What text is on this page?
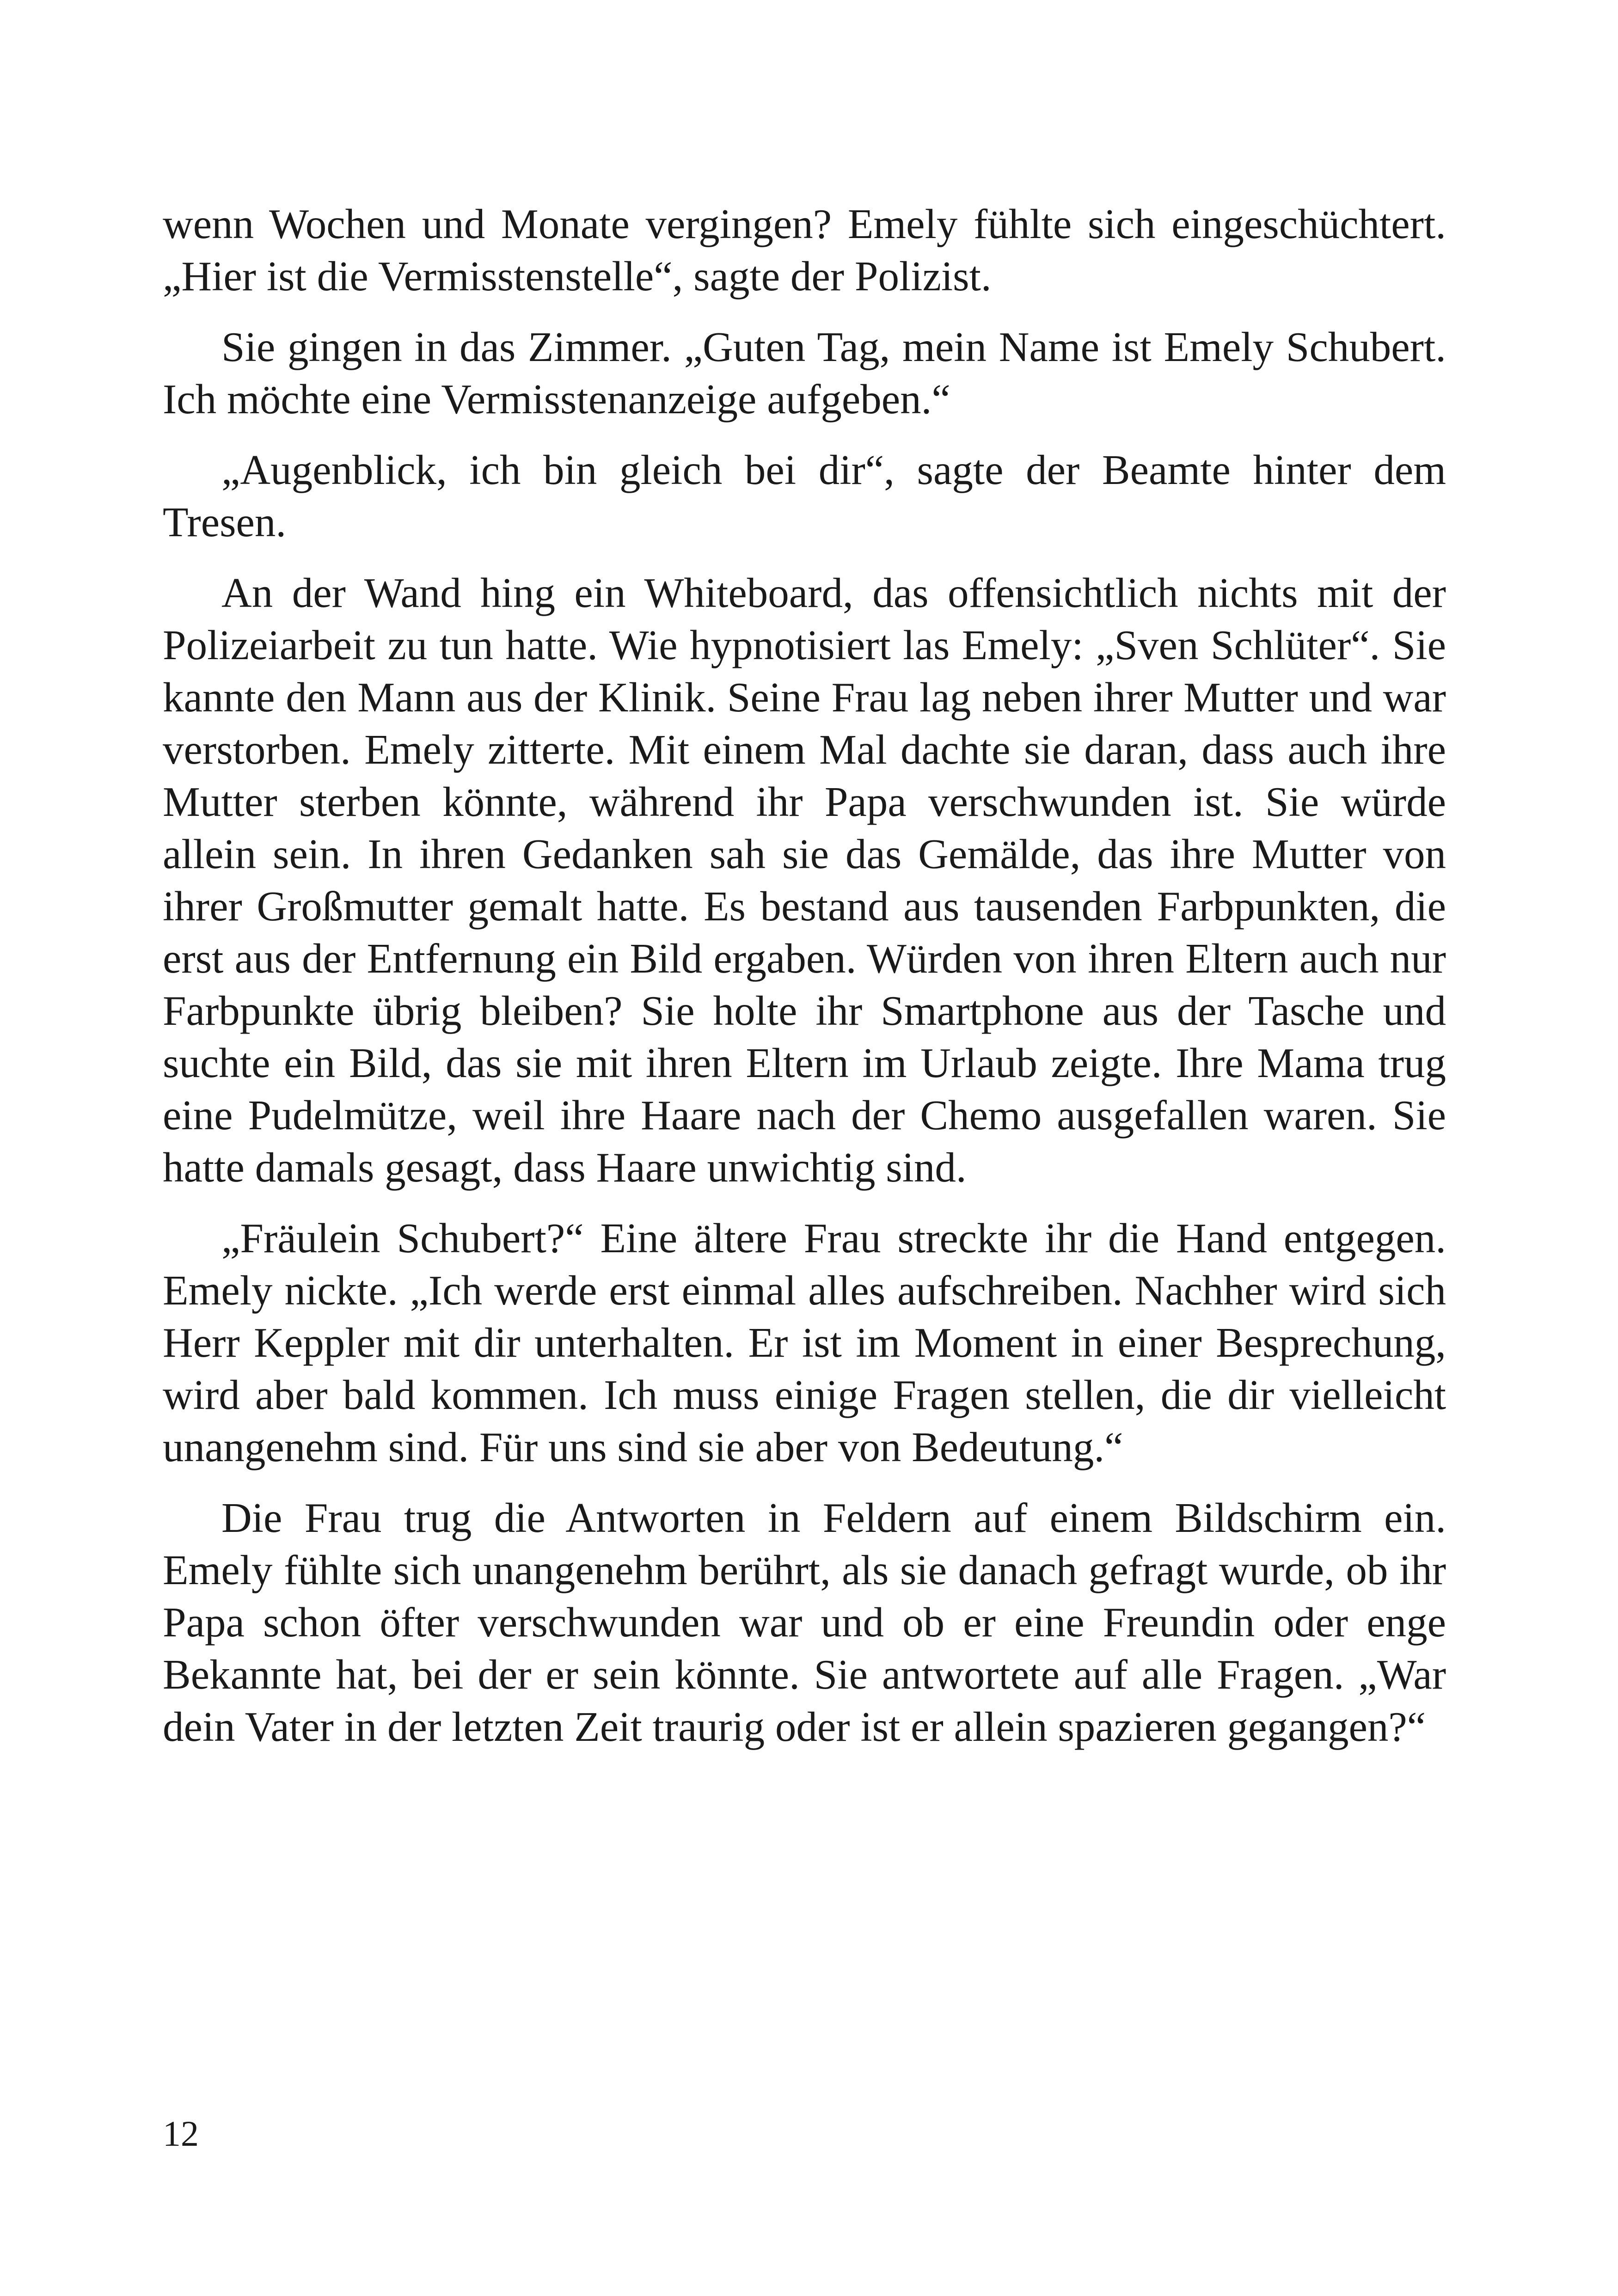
wenn Wochen und Monate vergingen? Emely fühlte sich eingeschüchtert. „Hier ist die Vermisstenstelle“, sagte der Polizist.

Sie gingen in das Zimmer. „Guten Tag, mein Name ist Emely Schubert. Ich möchte eine Vermisstenanzeige aufgeben.“

„Augenblick, ich bin gleich bei dir“, sagte der Beamte hinter dem Tresen.

An der Wand hing ein Whiteboard, das offensichtlich nichts mit der Polizeiarbeit zu tun hatte. Wie hypnotisiert las Emely: „Sven Schlüter“. Sie kannte den Mann aus der Klinik. Seine Frau lag neben ihrer Mutter und war verstorben. Emely zitterte. Mit einem Mal dachte sie daran, dass auch ihre Mutter sterben könnte, während ihr Papa verschwunden ist. Sie würde allein sein. In ihren Gedanken sah sie das Gemälde, das ihre Mutter von ihrer Großmutter gemalt hatte. Es bestand aus tausenden Farbpunkten, die erst aus der Entfernung ein Bild ergaben. Würden von ihren Eltern auch nur Farbpunkte übrig bleiben? Sie holte ihr Smartphone aus der Tasche und suchte ein Bild, das sie mit ihren Eltern im Urlaub zeigte. Ihre Mama trug eine Pudelmütze, weil ihre Haare nach der Chemo ausgefallen waren. Sie hatte damals gesagt, dass Haare unwichtig sind.

„Fräulein Schubert?“ Eine ältere Frau streckte ihr die Hand entgegen. Emely nickte. „Ich werde erst einmal alles aufschreiben. Nachher wird sich Herr Keppler mit dir unterhalten. Er ist im Moment in einer Besprechung, wird aber bald kommen. Ich muss einige Fragen stellen, die dir vielleicht unangenehm sind. Für uns sind sie aber von Bedeutung.“

Die Frau trug die Antworten in Feldern auf einem Bildschirm ein. Emely fühlte sich unangenehm berührt, als sie danach gefragt wurde, ob ihr Papa schon öfter verschwunden war und ob er eine Freundin oder enge Bekannte hat, bei der er sein könnte. Sie antwortete auf alle Fragen. „War dein Vater in der letzten Zeit traurig oder ist er allein spazieren gegangen?“

12
